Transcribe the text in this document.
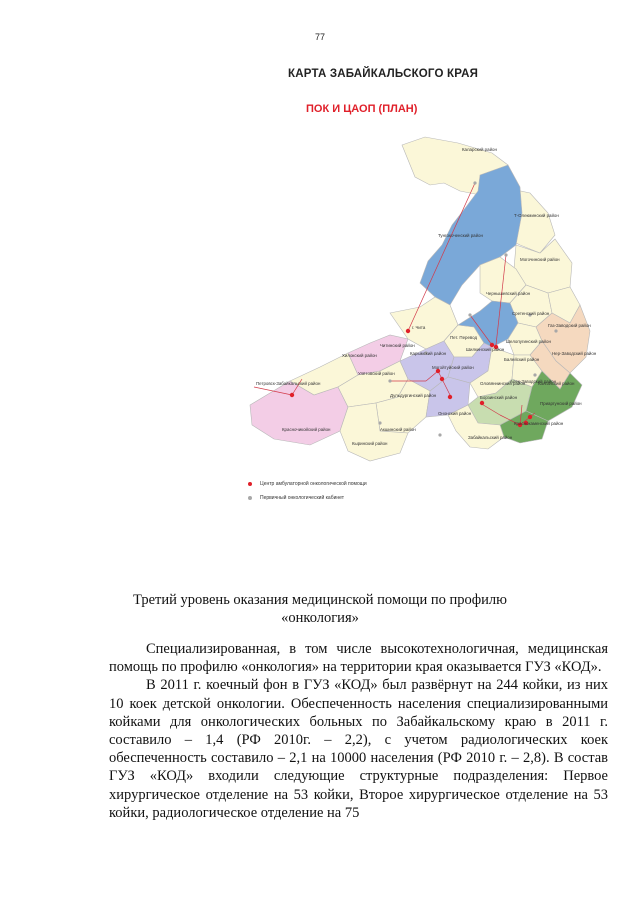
77
КАРТА ЗАБАЙКАЛЬСКОГО КРАЯ
ПОК И ЦАОП (ПЛАН)
Каларский район
Т-Олекминский район
Тунгокоченский район
Могочинский район
Чернышевский район
Сретенский район
Газ-Заводский район
Нер-Заводский район
Шелопугинский район
Балейский район
г. Чита
Читинский район
Пет. Перевод
Шилкинский район
Карымский район
Хилокский район
Улётовский район
Петровск-Забайкальский район
Дульдургинский район
Могойтуйский район
Оловяннинский район
Алек-Заводский район
Калганский район
Ононский район
Борзинский район
Приаргунский район
Акшинский район
Красночикойский район
Кыринский район
Краснокаменский район
Забайкальский район
Центр амбулаторной онкологической помощи
Первичный онкологический кабинет
Третий уровень оказания медицинской помощи по профилю
«онкология»

Специализированная, в том числе высокотехнологичная, медицинская помощь по профилю «онкология» на территории края оказывается ГУЗ «КОД».

В 2011 г. коечный фон в ГУЗ «КОД» был развёрнут на 244 койки, из них 10 коек детской онкологии. Обеспеченность населения специализированными койками для онкологических больных по Забайкальскому краю в 2011 г. составило – 1,4 (РФ 2010г. – 2,2), с учетом радиологических коек обеспеченность составило – 2,1 на 10000 населения (РФ 2010 г. – 2,8). В состав ГУЗ «КОД» входили следующие структурные подразделения: Первое хирургическое отделение на 53 койки, Второе хирургическое отделение на 53 койки, радиологическое отделение на 75
